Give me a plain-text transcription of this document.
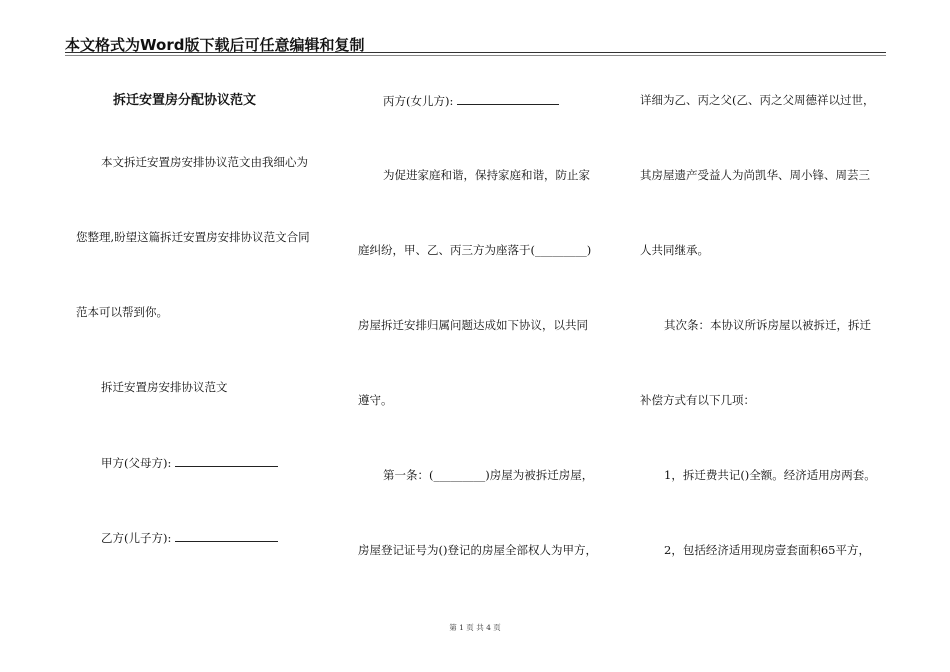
本文格式为Word版下载后可任意编辑和复制
拆迁安置房分配协议范文
本文拆迁安置房安排协议范文由我细心为
您整理,盼望这篇拆迁安置房安排协议范文合同
范本可以帮到你。
拆迁安置房安排协议范文
甲方(父母方):
乙方(儿子方):
丙方(女儿方):
为促进家庭和谐，保持家庭和谐，防止家
庭纠纷，甲、乙、丙三方为座落于(_________)
房屋拆迁安排归属问题达成如下协议，以共同
遵守。
第一条：(_________)房屋为被拆迁房屋，
房屋登记证号为()登记的房屋全部权人为甲方，
详细为乙、丙之父(乙、丙之父周德祥以过世，
其房屋遗产受益人为尚凯华、周小锋、周芸三
人共同继承。
其次条：本协议所诉房屋以被拆迁，拆迁
补偿方式有以下几项：
1，拆迁费共记()全额。经济适用房两套。
2，包括经济适用现房壹套面积65平方，
第 1 页 共 4 页
